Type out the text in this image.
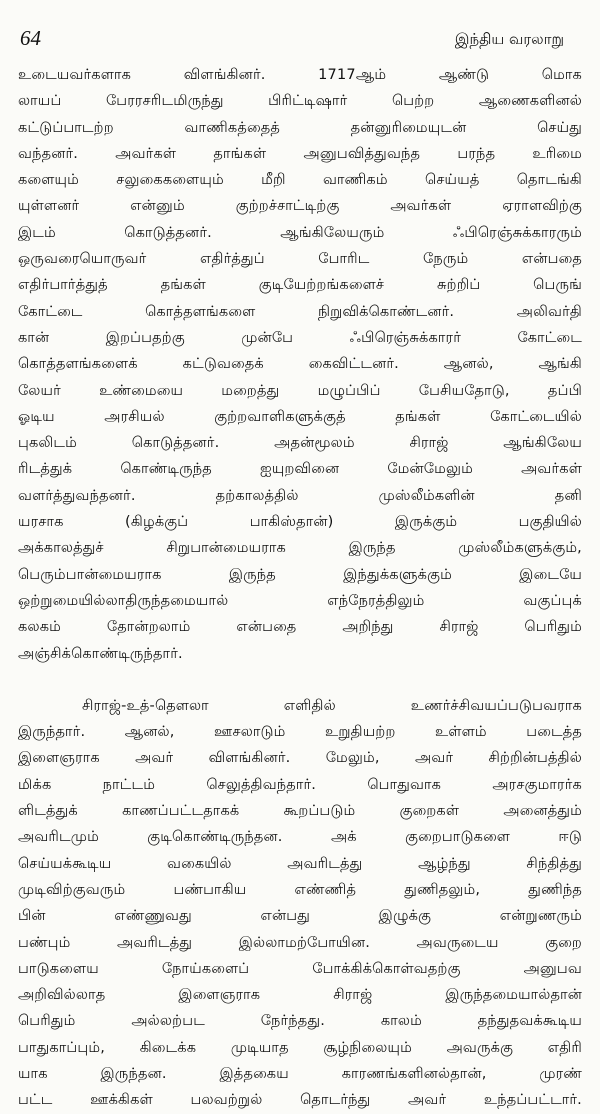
64	இந்திய வரலாறு
உடையவர்களாக விளங்கினர். 1717ஆம் ஆண்டு மொக
லாயப் பேரரசரிடமிருந்து பிரிட்டிஷார் பெற்ற ஆணைகளினல்
கட்டுப்பாடற்ற வாணிகத்தைத் தன்னுரிமையுடன் செய்து
வந்தனர். அவர்கள் தாங்கள் அனுபவித்துவந்த பரந்த உரிமை
களையும் சலுகைகளையும் மீறி வாணிகம் செய்யத் தொடங்கி
யுள்ளனர் என்னும் குற்றச்சாட்டிற்கு அவர்கள் ஏராளவிற்கு
இடம் கொடுத்தனர். ஆங்கிலேயரும் ஃபிரெஞ்சுக்காரரும்
ஒருவரையொருவர் எதிர்த்துப் போரிட நேரும் என்பதை
எதிர்பார்த்துத் தங்கள் குடியேற்றங்களைச் சுற்றிப் பெருங்
கோட்டை கொத்தளங்களை நிறுவிக்கொண்டனர். அலிவர்தி
கான் இறப்பதற்கு முன்பே ஃபிரெஞ்சுக்காரர் கோட்டை
கொத்தளங்களைக் கட்டுவதைக் கைவிட்டனர். ஆனல், ஆங்கி
லேயர் உண்மையை மறைத்து மழுப்பிப் பேசியதோடு, தப்பி
ஓடிய அரசியல் குற்றவாளிகளுக்குத் தங்கள் கோட்டையில்
புகலிடம் கொடுத்தனர். அதன்மூலம் சிராஜ் ஆங்கிலேய
ரிடத்துக் கொண்டிருந்த ஐயுறவினை மேன்மேலும் அவர்கள்
வளர்த்துவந்தனர். தற்காலத்தில் முஸ்லீம்களின் தனி
யரசாக (கிழக்குப் பாகிஸ்தான்) இருக்கும் பகுதியில்
அக்காலத்துச் சிறுபான்மையராக இருந்த முஸ்லீம்களுக்கும்,
பெரும்பான்மையராக இருந்த இந்துக்களுக்கும் இடையே
ஒற்றுமையில்லாதிருந்தமையால் எந்நேரத்திலும் வகுப்புக்
கலகம் தோன்றலாம் என்பதை அறிந்து சிராஜ் பெரிதும்
அஞ்சிக்கொண்டிருந்தார்.
சிராஜ்-உத்-தௌலா எளிதில் உணர்ச்சிவயப்படுபவராக
இருந்தார். ஆனல், ஊசலாடும் உறுதியற்ற உள்ளம் படைத்த
இளைஞராக அவர் விளங்கினர். மேலும், அவர் சிற்றின்பத்தில்
மிக்க நாட்டம் செலுத்திவந்தார். பொதுவாக அரசகுமாரர்க
ளிடத்துக் காணப்பட்டதாகக் கூறப்படும் குறைகள் அனைத்தும்
அவரிடமும் குடிகொண்டிருந்தன. அக் குறைபாடுகளை ஈடு
செய்யக்கூடிய வகையில் அவரிடத்து ஆழ்ந்து சிந்தித்து
முடிவிற்குவரும் பண்பாகிய எண்ணித் துணிதலும், துணிந்த
பின் எண்ணுவது என்பது இழுக்கு என்றுணரும்
பண்பும் அவரிடத்து இல்லாமற்போயின. அவருடைய குறை
பாடுகளைய நோய்களைப் போக்கிக்கொள்வதற்கு அனுபவ
அறிவில்லாத இளைஞராக சிராஜ் இருந்தமையால்தான்
பெரிதும் அல்லற்பட நேர்ந்தது. காலம் தந்துதவக்கூடிய
பாதுகாப்பும், கிடைக்க முடியாத சூழ்நிலையும் அவருக்கு எதிரி
யாக இருந்தன. இத்தகைய காரணங்களினல்தான், முரண்
பட்ட ஊக்கிகள் பலவற்றுல் தொடர்ந்து அவர் உந்தப்பட்டார்.
